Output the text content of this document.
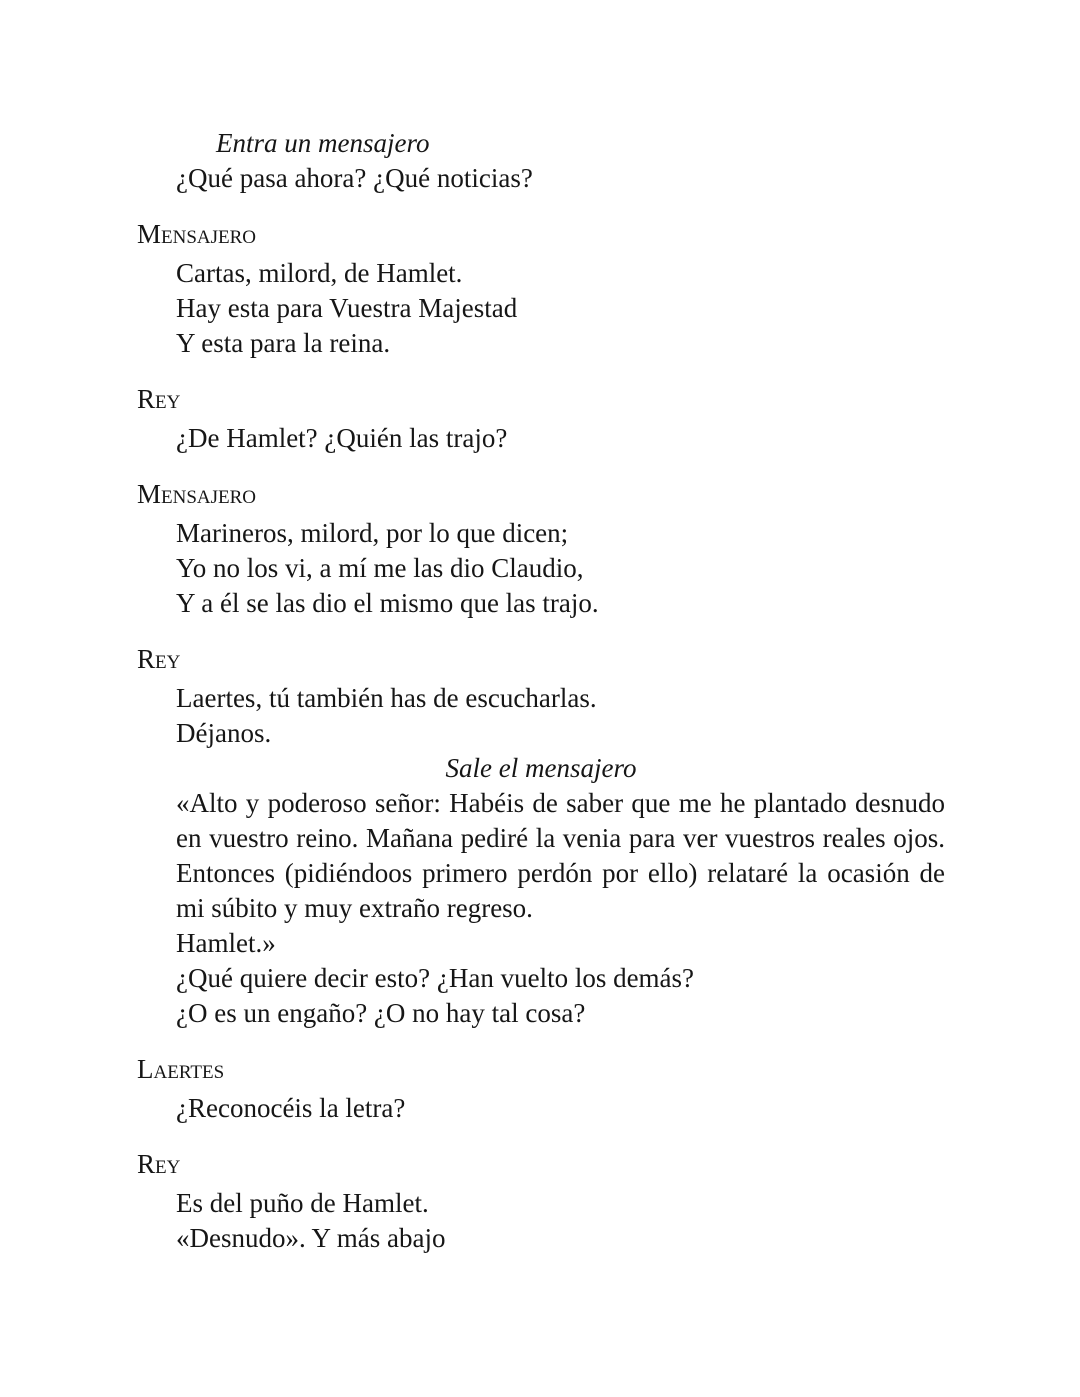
Entra un mensajero
¿Qué pasa ahora? ¿Qué noticias?
Mensajero
Cartas, milord, de Hamlet.
Hay esta para Vuestra Majestad
Y esta para la reina.
Rey
¿De Hamlet? ¿Quién las trajo?
Mensajero
Marineros, milord, por lo que dicen;
Yo no los vi, a mí me las dio Claudio,
Y a él se las dio el mismo que las trajo.
Rey
Laertes, tú también has de escucharlas.
Déjanos.
Sale el mensajero
«Alto y poderoso señor: Habéis de saber que me he plantado desnudo
en vuestro reino. Mañana pediré la venia para ver vuestros reales ojos.
Entonces (pidiéndoos primero perdón por ello) relataré la ocasión de
mi súbito y muy extraño regreso.
Hamlet.»
¿Qué quiere decir esto? ¿Han vuelto los demás?
¿O es un engaño? ¿O no hay tal cosa?
Laertes
¿Reconocéis la letra?
Rey
Es del puño de Hamlet.
«Desnudo». Y más abajo
